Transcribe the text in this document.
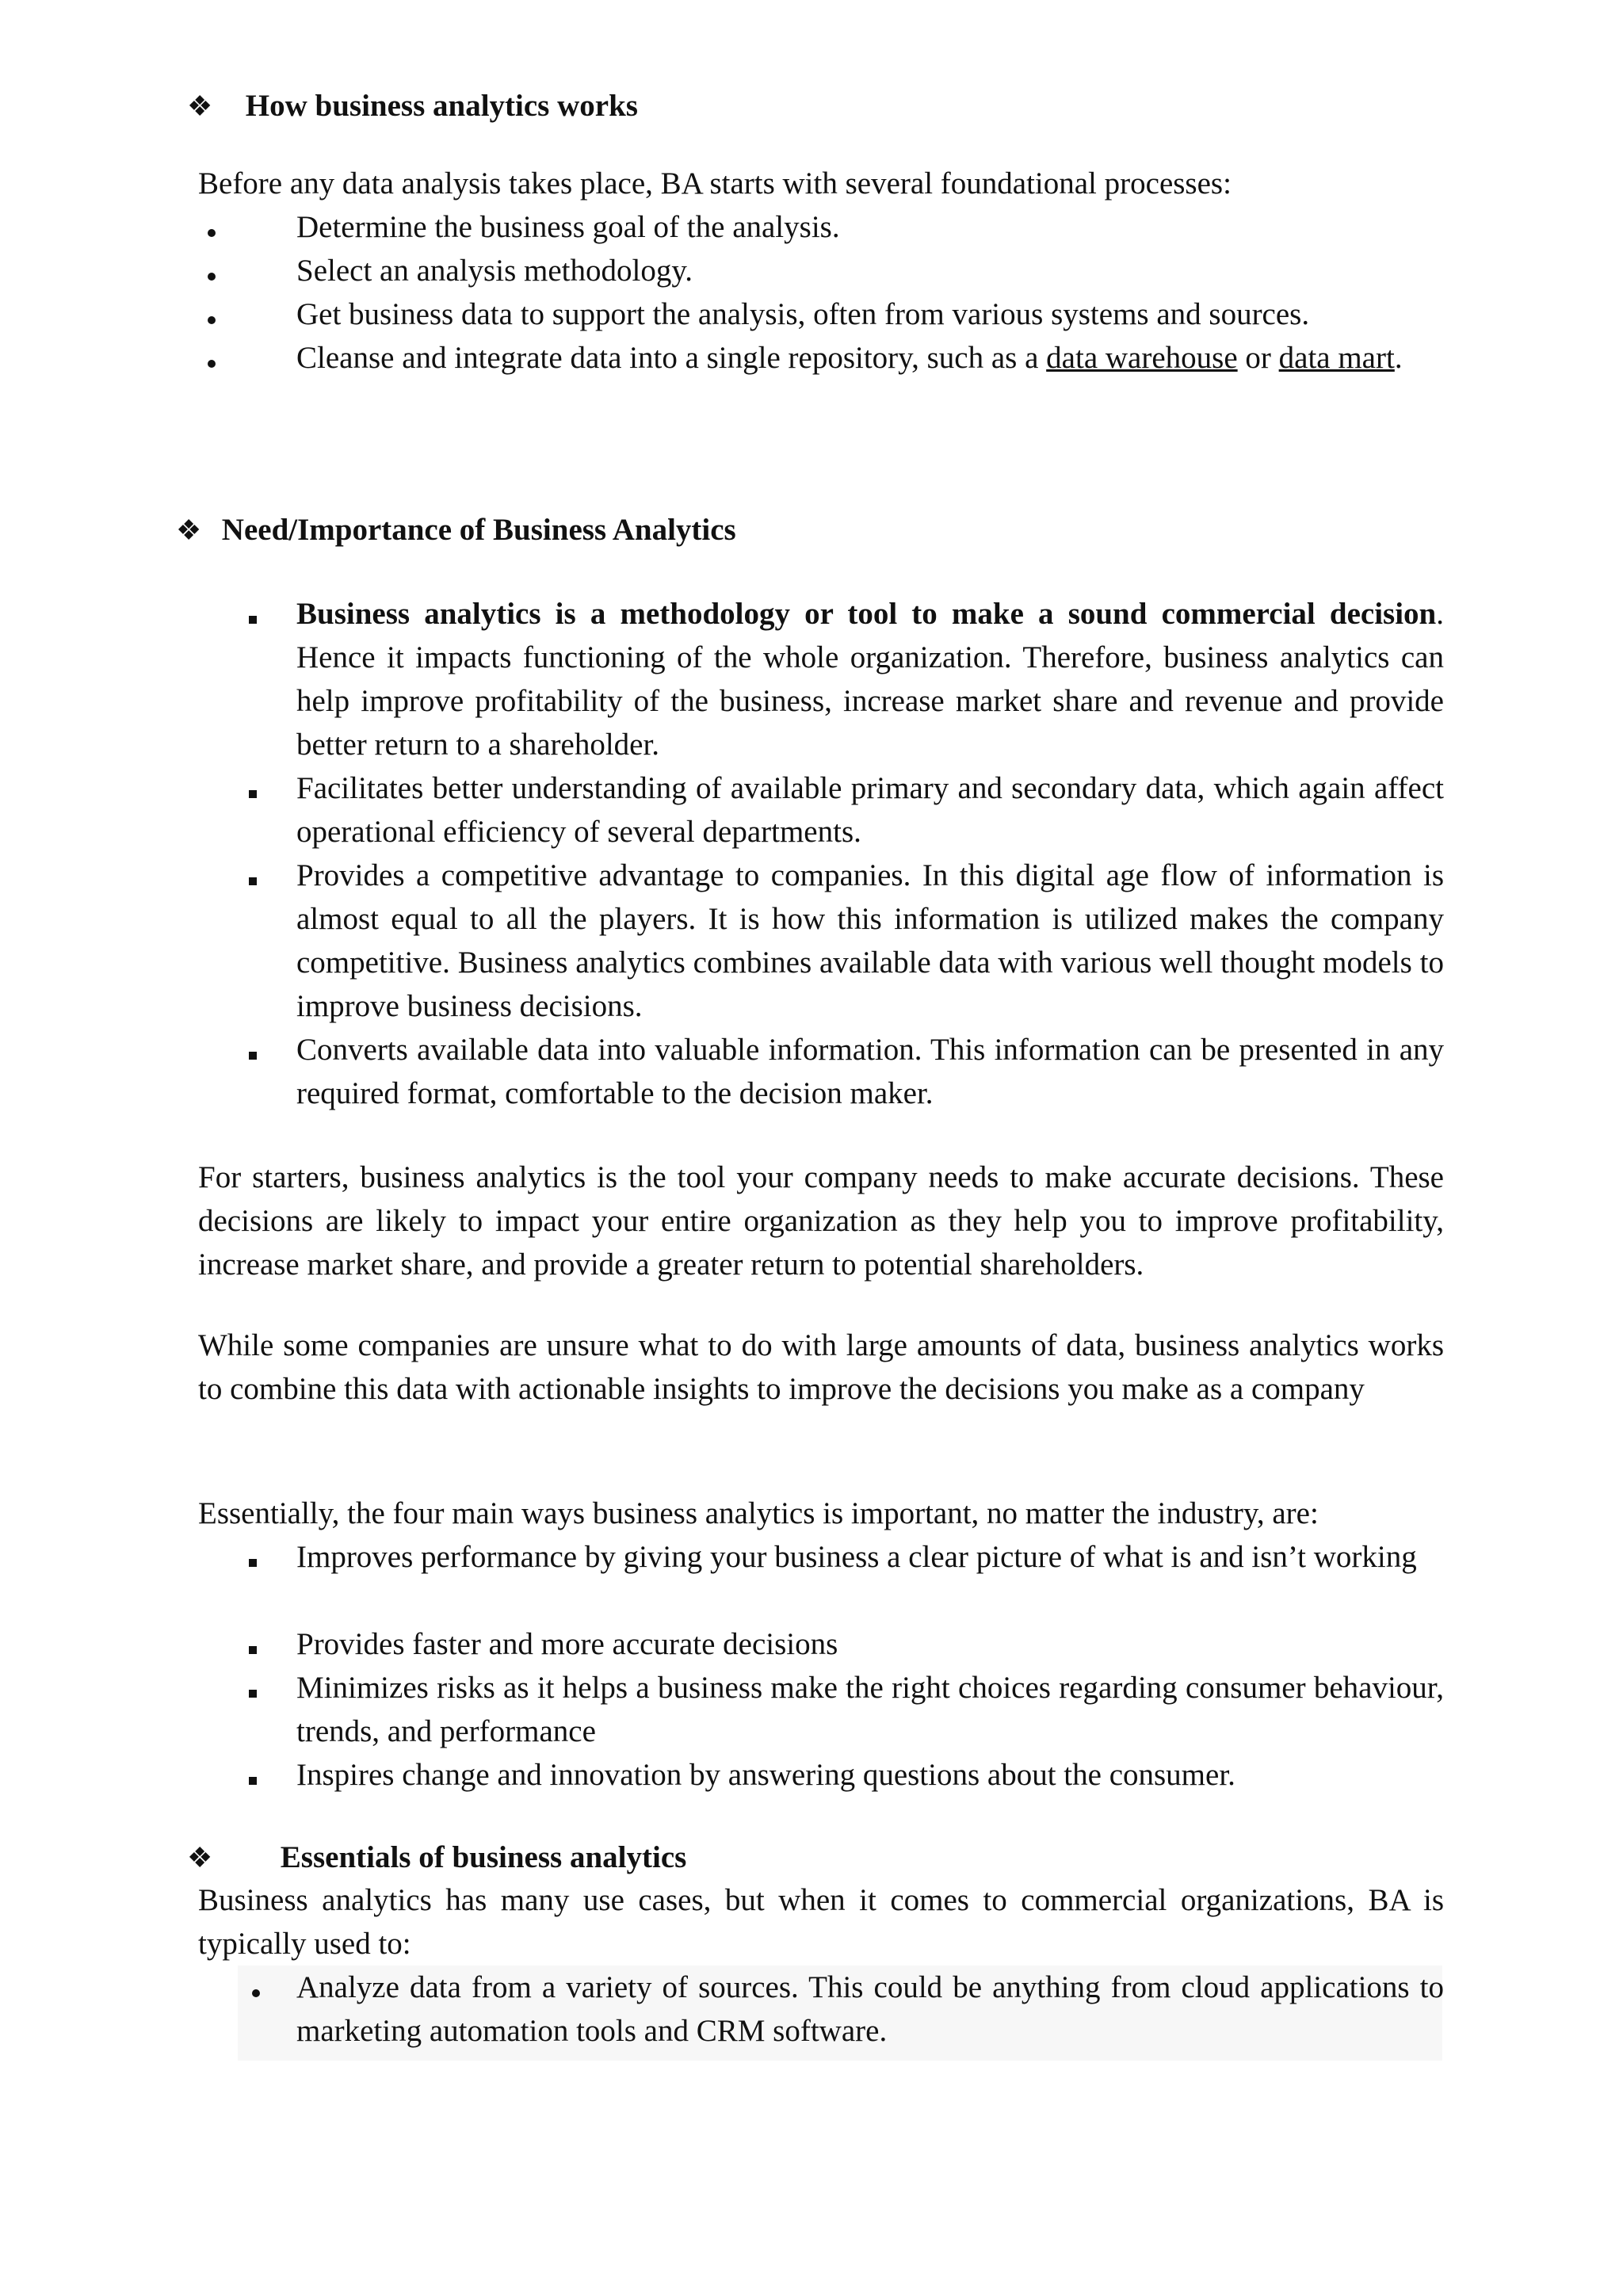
❖ How business analytics works
Before any data analysis takes place, BA starts with several foundational processes:
Determine the business goal of the analysis.
Select an analysis methodology.
Get business data to support the analysis, often from various systems and sources.
Cleanse and integrate data into a single repository, such as a data warehouse or data mart.
❖ Need/Importance of Business Analytics
Business analytics is a methodology or tool to make a sound commercial decision. Hence it impacts functioning of the whole organization. Therefore, business analytics can help improve profitability of the business, increase market share and revenue and provide better return to a shareholder.
Facilitates better understanding of available primary and secondary data, which again affect operational efficiency of several departments.
Provides a competitive advantage to companies. In this digital age flow of information is almost equal to all the players. It is how this information is utilized makes the company competitive. Business analytics combines available data with various well thought models to improve business decisions.
Converts available data into valuable information. This information can be presented in any required format, comfortable to the decision maker.
For starters, business analytics is the tool your company needs to make accurate decisions. These decisions are likely to impact your entire organization as they help you to improve profitability, increase market share, and provide a greater return to potential shareholders.
While some companies are unsure what to do with large amounts of data, business analytics works to combine this data with actionable insights to improve the decisions you make as a company
Essentially, the four main ways business analytics is important, no matter the industry, are:
Improves performance by giving your business a clear picture of what is and isn’t working
Provides faster and more accurate decisions
Minimizes risks as it helps a business make the right choices regarding consumer behaviour, trends, and performance
Inspires change and innovation by answering questions about the consumer.
❖ Essentials of business analytics
Business analytics has many use cases, but when it comes to commercial organizations, BA is typically used to:
Analyze data from a variety of sources. This could be anything from cloud applications to marketing automation tools and CRM software.
